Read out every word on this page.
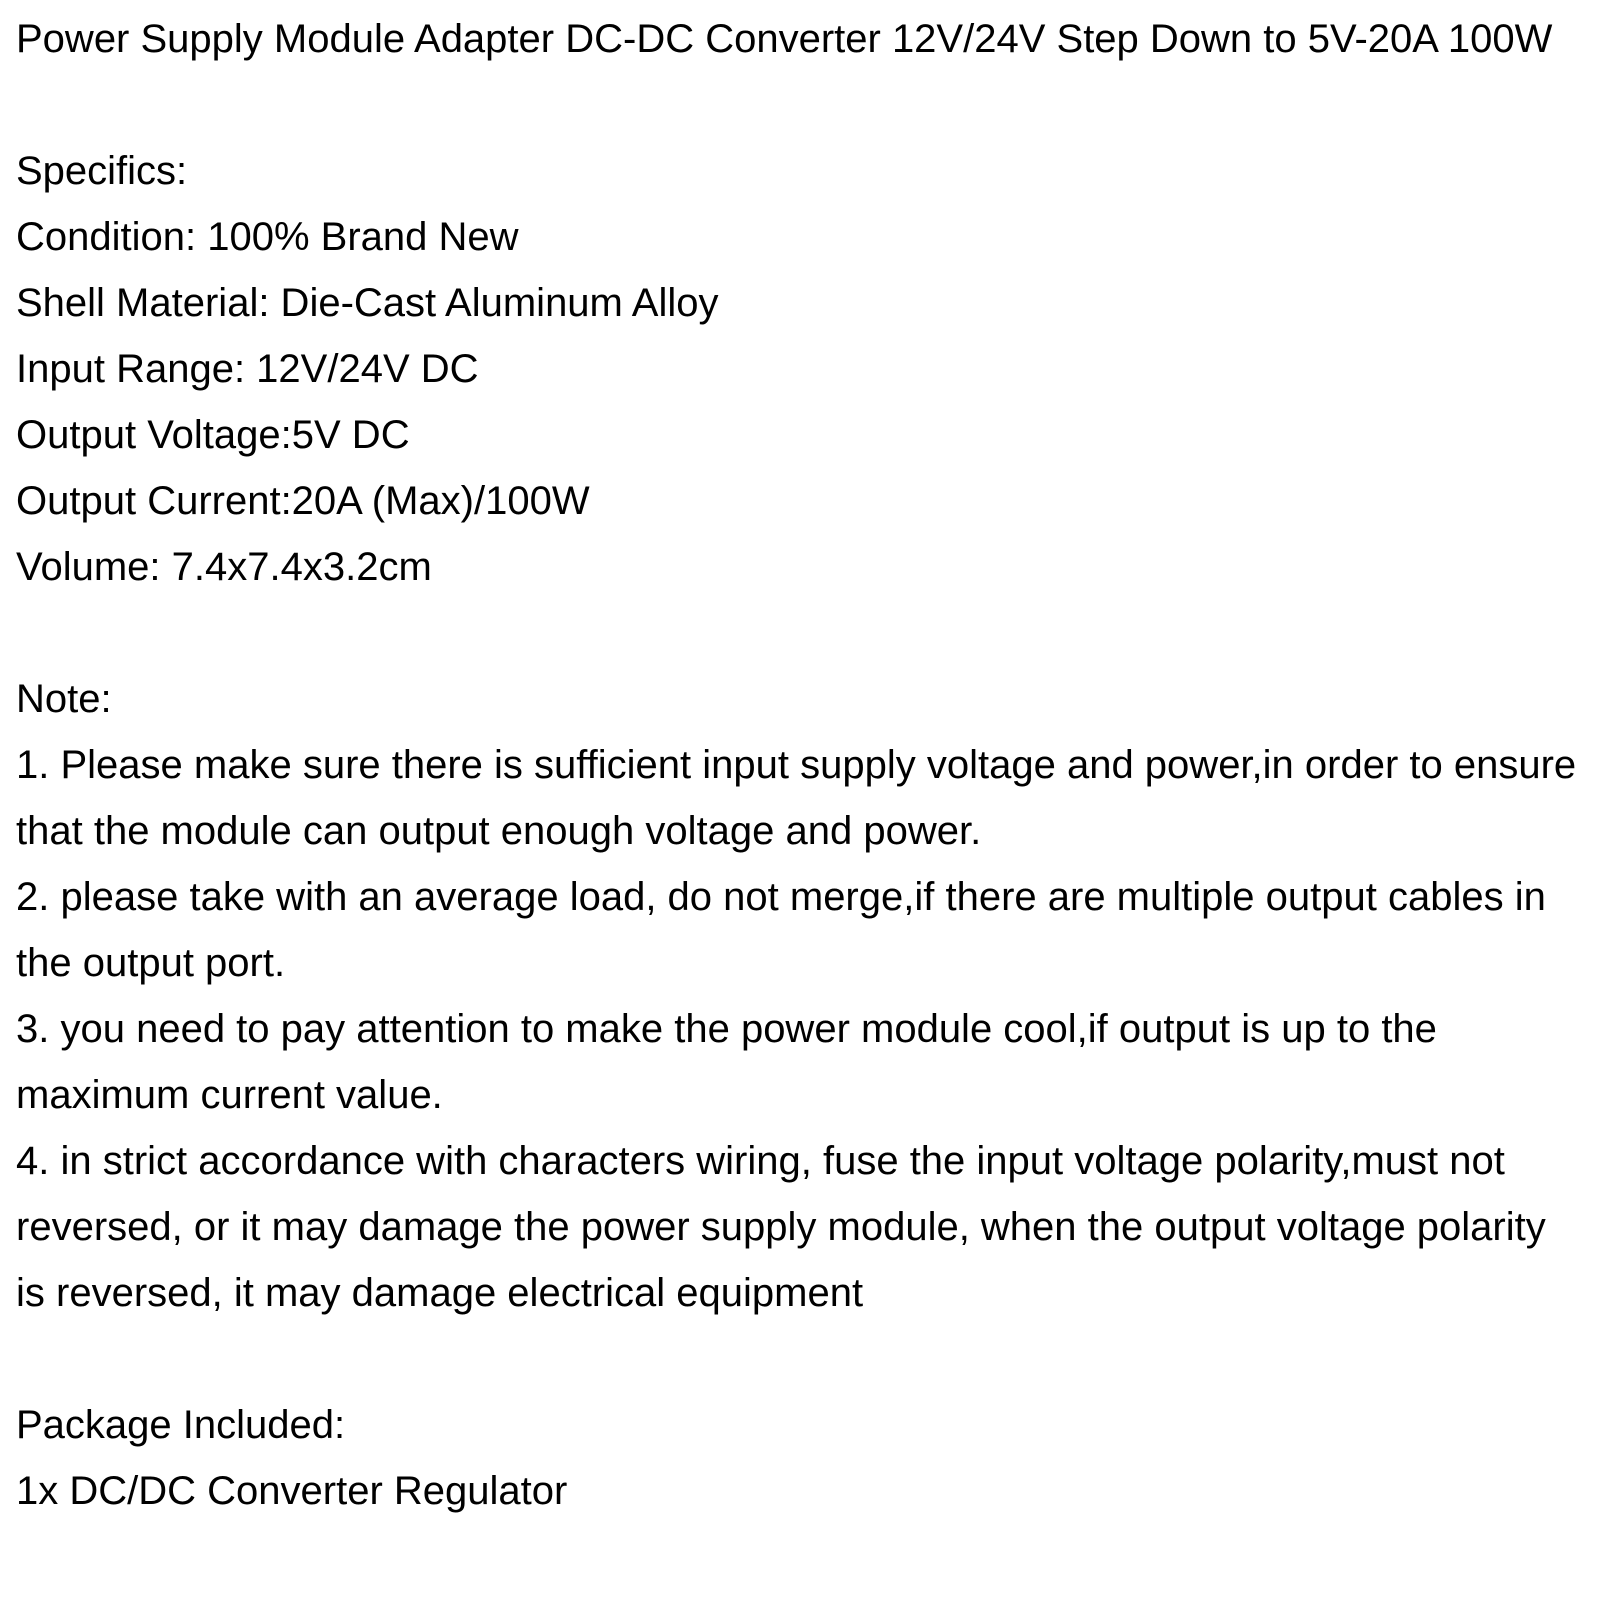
Power Supply Module Adapter DC-DC Converter 12V/24V Step Down to 5V-20A 100W

Specifics:

Condition: 100% Brand New

Shell Material: Die-Cast Aluminum Alloy

Input Range: 12V/24V DC

Output Voltage:5V DC

Output Current:20A (Max)/100W

Volume: 7.4x7.4x3.2cm

Note:

1. Please make sure there is sufficient input supply voltage and power,in order to ensure that the module can output enough voltage and power.

2. please take with an average load, do not merge,if there are multiple output cables in the output port.

3. you need to pay attention to make the power module cool,if output is up to the maximum current value.

4. in strict accordance with characters wiring, fuse the input voltage polarity,must not reversed, or it may damage the power supply module, when the output voltage polarity is reversed, it may damage electrical equipment

Package Included:

1x DC/DC Converter Regulator
